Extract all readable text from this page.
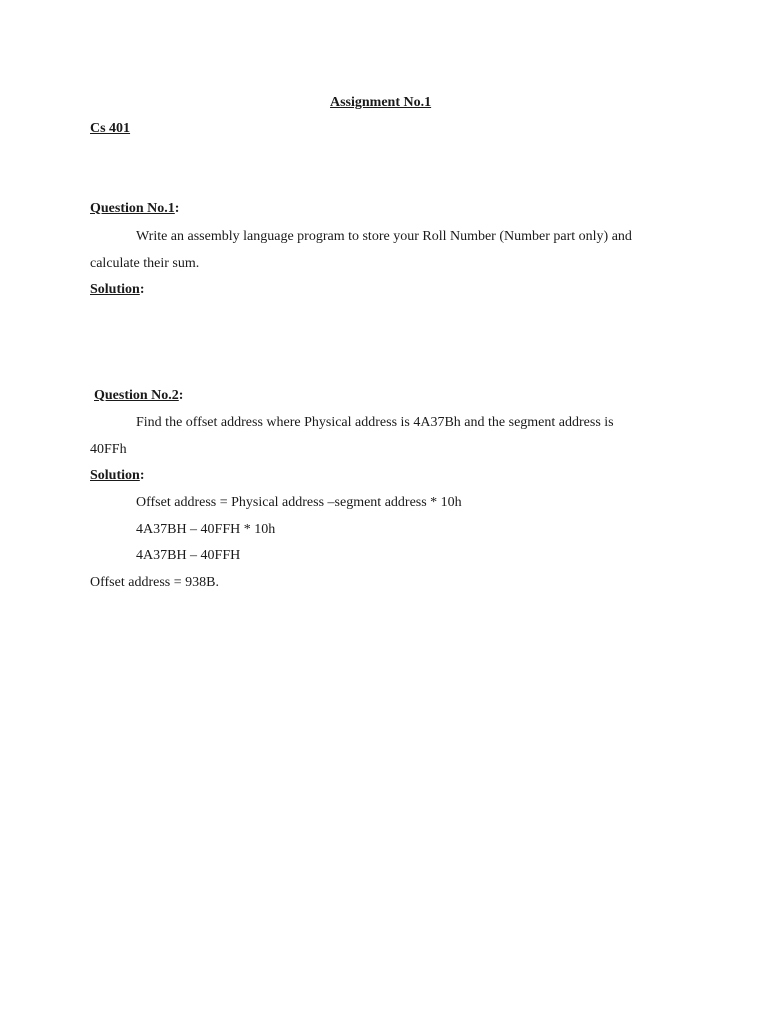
Assignment No.1
Cs 401
Question No.1:
Write an assembly language program to store your Roll Number (Number part only) and
calculate their sum.
Solution:
Question No.2:
Find the offset address where Physical address is 4A37Bh and the segment address is
40FFh
Solution:
Offset address = Physical address –segment address * 10h
4A37BH – 40FFH * 10h
4A37BH – 40FFH
Offset address = 938B.
